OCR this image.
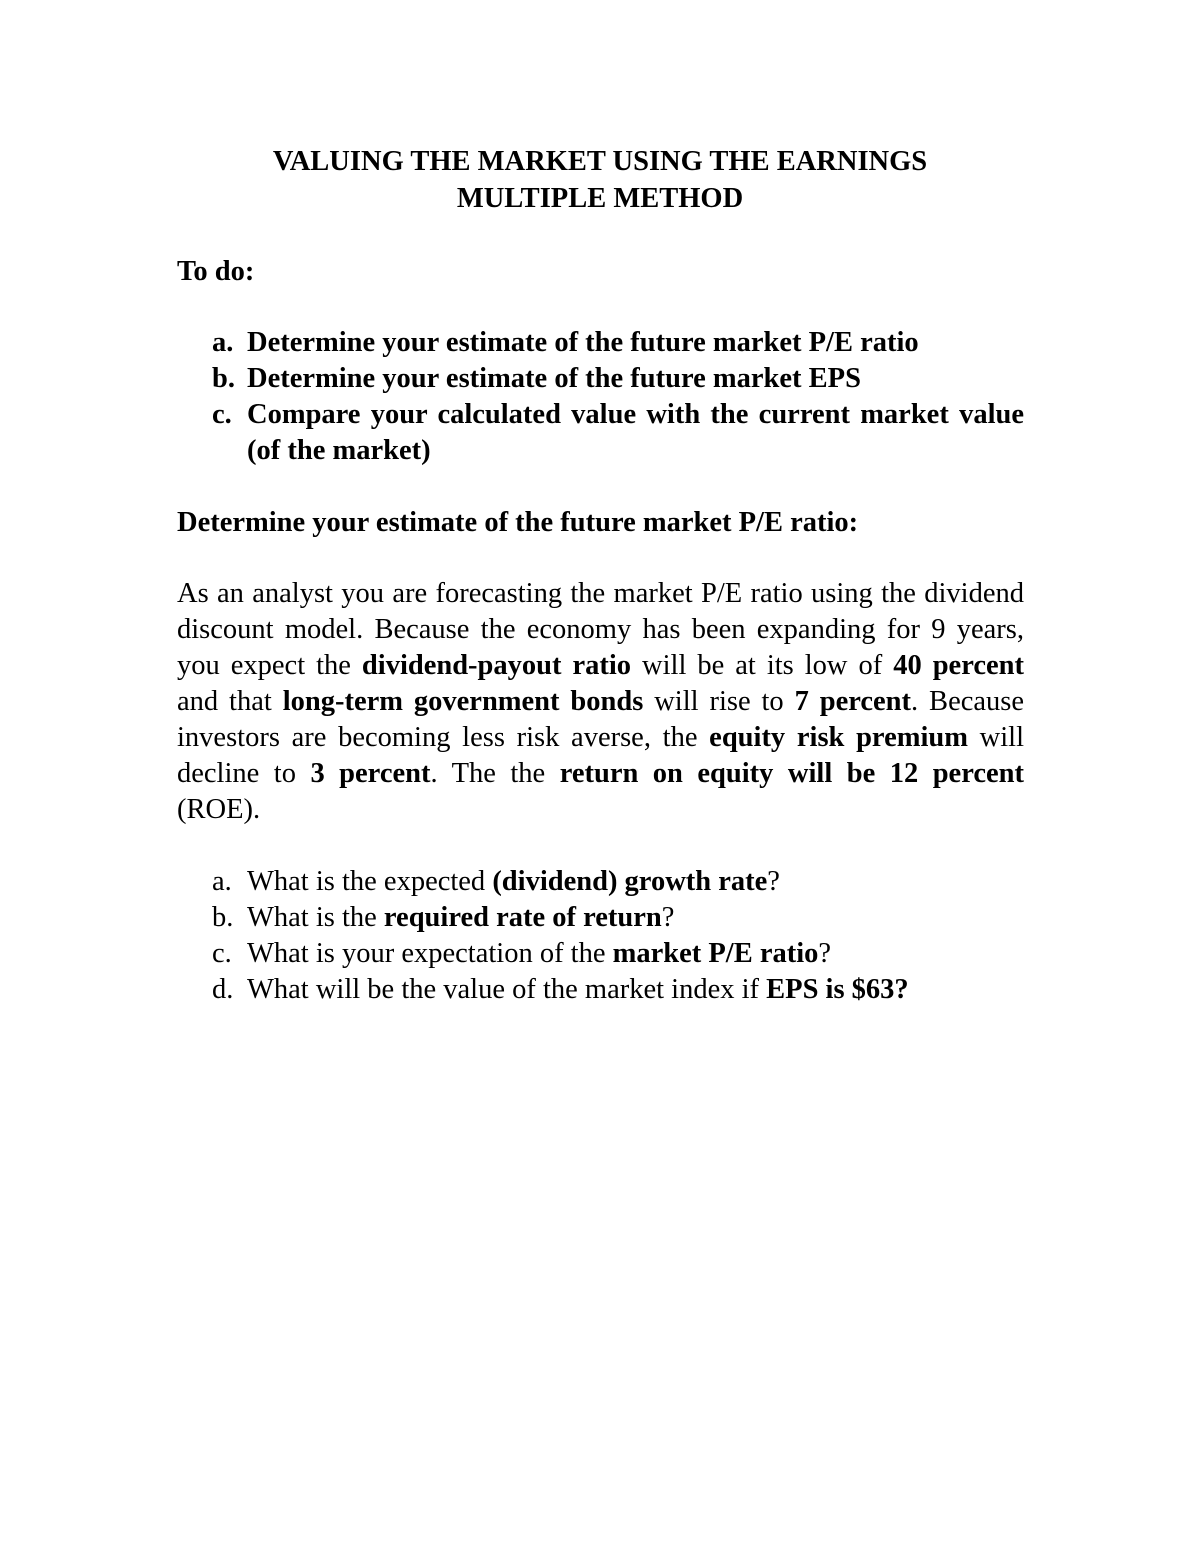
VALUING THE MARKET USING THE EARNINGS
MULTIPLE METHOD
To do:
a. Determine your estimate of the future market P/E ratio
b. Determine your estimate of the future market EPS
c. Compare your calculated value with the current market value (of the market)
Determine your estimate of the future market P/E ratio:

As an analyst you are forecasting the market P/E ratio using the dividend discount model. Because the economy has been expanding for 9 years, you expect the dividend-payout ratio will be at its low of 40 percent and that long-term government bonds will rise to 7 percent. Because investors are becoming less risk averse, the equity risk premium will decline to 3 percent. The the return on equity will be 12 percent (ROE).

a. What is the expected (dividend) growth rate?
b. What is the required rate of return?
c. What is your expectation of the market P/E ratio?
d. What will be the value of the market index if EPS is $63?
